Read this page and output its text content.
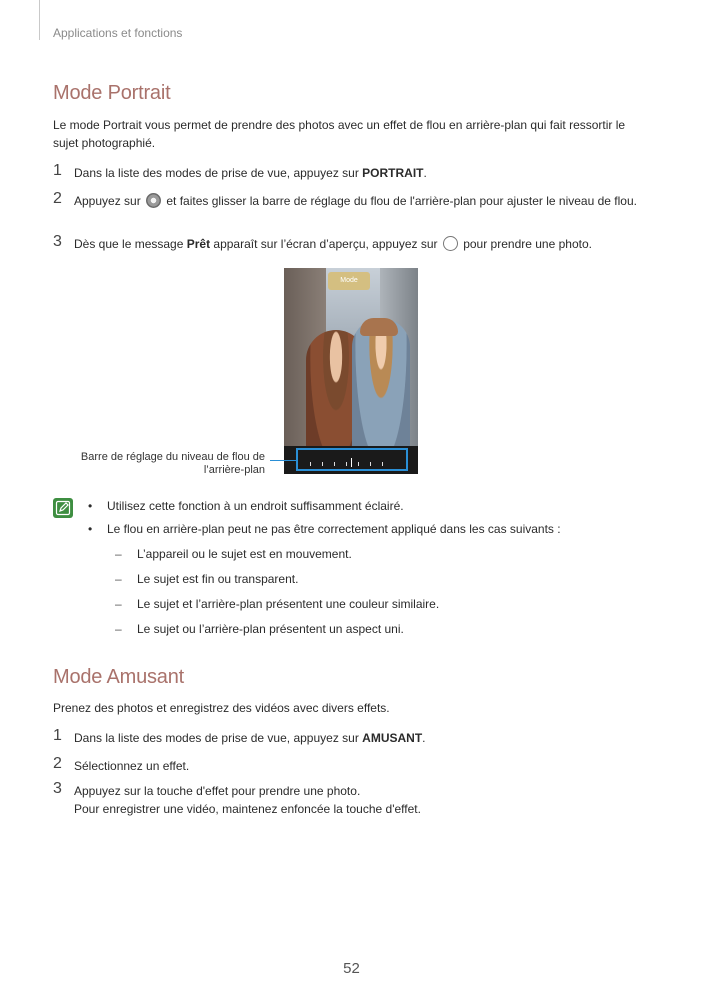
Applications et fonctions
Mode Portrait
Le mode Portrait vous permet de prendre des photos avec un effet de flou en arrière-plan qui fait ressortir le sujet photographié.
1 Dans la liste des modes de prise de vue, appuyez sur PORTRAIT.
2 Appuyez sur  et faites glisser la barre de réglage du flou de l'arrière-plan pour ajuster le niveau de flou.
3 Dès que le message Prêt apparaît sur l’écran d’aperçu, appuyez sur  pour prendre une photo.
Mode
Barre de réglage du niveau de flou de
l’arrière-plan
• Utilisez cette fonction à un endroit suffisamment éclairé.
• Le flou en arrière-plan peut ne pas être correctement appliqué dans les cas suivants :
– L’appareil ou le sujet est en mouvement.
– Le sujet est fin ou transparent.
– Le sujet et l’arrière-plan présentent une couleur similaire.
– Le sujet ou l’arrière-plan présentent un aspect uni.
Mode Amusant
Prenez des photos et enregistrez des vidéos avec divers effets.
1 Dans la liste des modes de prise de vue, appuyez sur AMUSANT.
2 Sélectionnez un effet.
3 Appuyez sur la touche d'effet pour prendre une photo.
Pour enregistrer une vidéo, maintenez enfoncée la touche d'effet.
52
